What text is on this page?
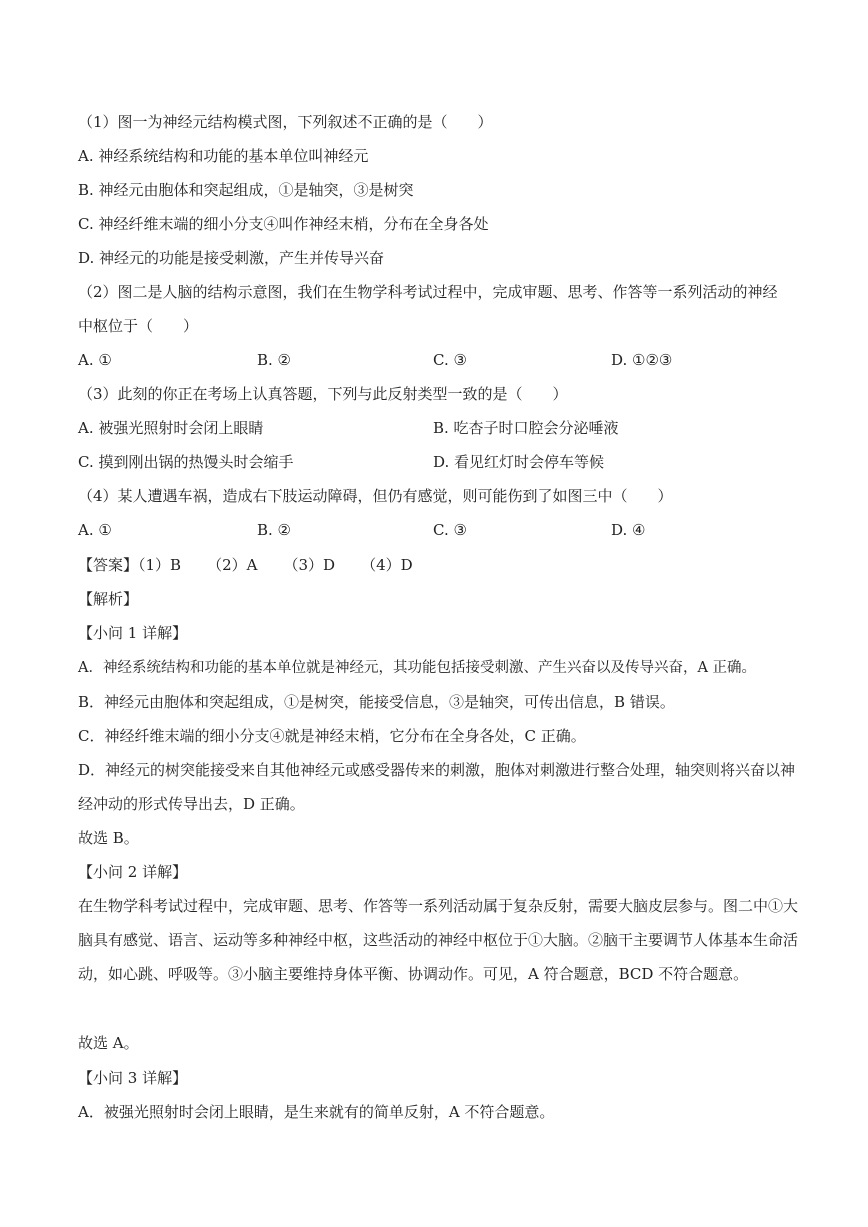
（1）图一为神经元结构模式图，下列叙述不正确的是（　　）
A. 神经系统结构和功能的基本单位叫神经元
B. 神经元由胞体和突起组成，①是轴突，③是树突
C. 神经纤维末端的细小分支④叫作神经末梢，分布在全身各处
D. 神经元的功能是接受刺激，产生并传导兴奋
（2）图二是人脑的结构示意图，我们在生物学科考试过程中，完成审题、思考、作答等一系列活动的神经
中枢位于（　　）
A. ①	B. ②	C. ③	D. ①②③
（3）此刻的你正在考场上认真答题，下列与此反射类型一致的是（　　）
A. 被强光照射时会闭上眼睛	B. 吃杏子时口腔会分泌唾液
C. 摸到刚出锅的热馒头时会缩手	D. 看见红灯时会停车等候
（4）某人遭遇车祸，造成右下肢运动障碍，但仍有感觉，则可能伤到了如图三中（　　）
A. ①	B. ②	C. ③	D. ④
【答案】（1）B （2）A （3）D （4）D
【解析】
【小问 1 详解】
A．神经系统结构和功能的基本单位就是神经元，其功能包括接受刺激、产生兴奋以及传导兴奋，A 正确。
B．神经元由胞体和突起组成，①是树突，能接受信息，③是轴突，可传出信息，B 错误。
C．神经纤维末端的细小分支④就是神经末梢，它分布在全身各处，C 正确。
D．神经元的树突能接受来自其他神经元或感受器传来的刺激，胞体对刺激进行整合处理，轴突则将兴奋以神经冲动的形式传导出去，D 正确。
故选 B。
【小问 2 详解】
在生物学科考试过程中，完成审题、思考、作答等一系列活动属于复杂反射，需要大脑皮层参与。图二中①大脑具有感觉、语言、运动等多种神经中枢，这些活动的神经中枢位于①大脑。②脑干主要调节人体基本生命活动，如心跳、呼吸等。③小脑主要维持身体平衡、协调动作。可见，A 符合题意，BCD 不符合题意。
故选 A。
【小问 3 详解】
A．被强光照射时会闭上眼睛，是生来就有的简单反射，A 不符合题意。
